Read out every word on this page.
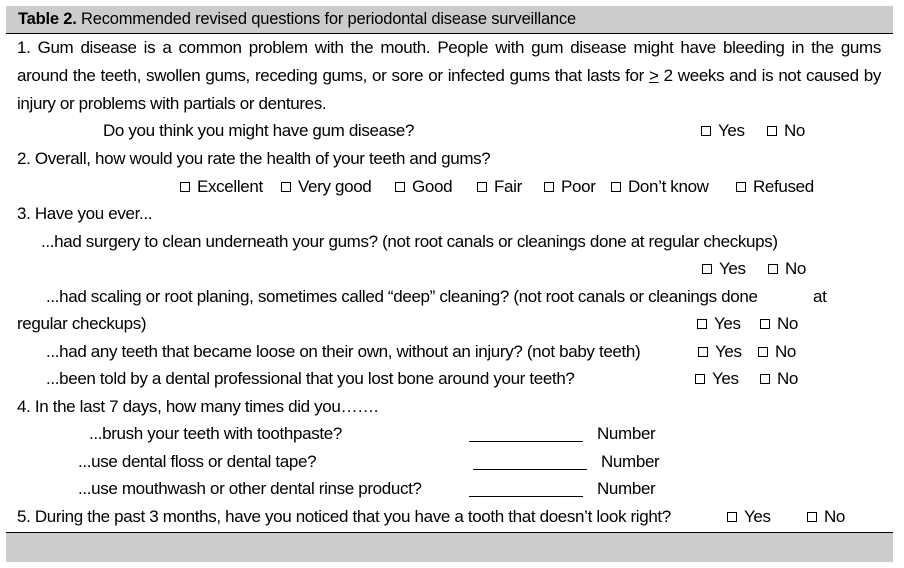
Table 2. Recommended revised questions for periodontal disease surveillance
1. Gum disease is a common problem with the mouth. People with gum disease might have bleeding in the gums around the teeth, swollen gums, receding gums, or sore or infected gums that lasts for > 2 weeks and is not caused by injury or problems with partials or dentures.
Do you think you might have gum disease?	Yes	No
2. Overall, how would you rate the health of your teeth and gums?
Excellent	Very good	Good	Fair	Poor	Don’t know	Refused
3. Have you ever...
...had surgery to clean underneath your gums? (not root canals or cleanings done at regular checkups)
Yes	No
...had scaling or root planing, sometimes called “deep” cleaning? (not root canals or cleanings done	at
regular checkups)	Yes	No
...had any teeth that became loose on their own, without an injury? (not baby teeth)	Yes	No
...been told by a dental professional that you lost bone around your teeth?	Yes	No
4. In the last 7 days, how many times did you…….
...brush your teeth with toothpaste?	Number
...use dental floss or dental tape?	Number
...use mouthwash or other dental rinse product?	Number
5. During the past 3 months, have you noticed that you have a tooth that doesn’t look right?	Yes	No
